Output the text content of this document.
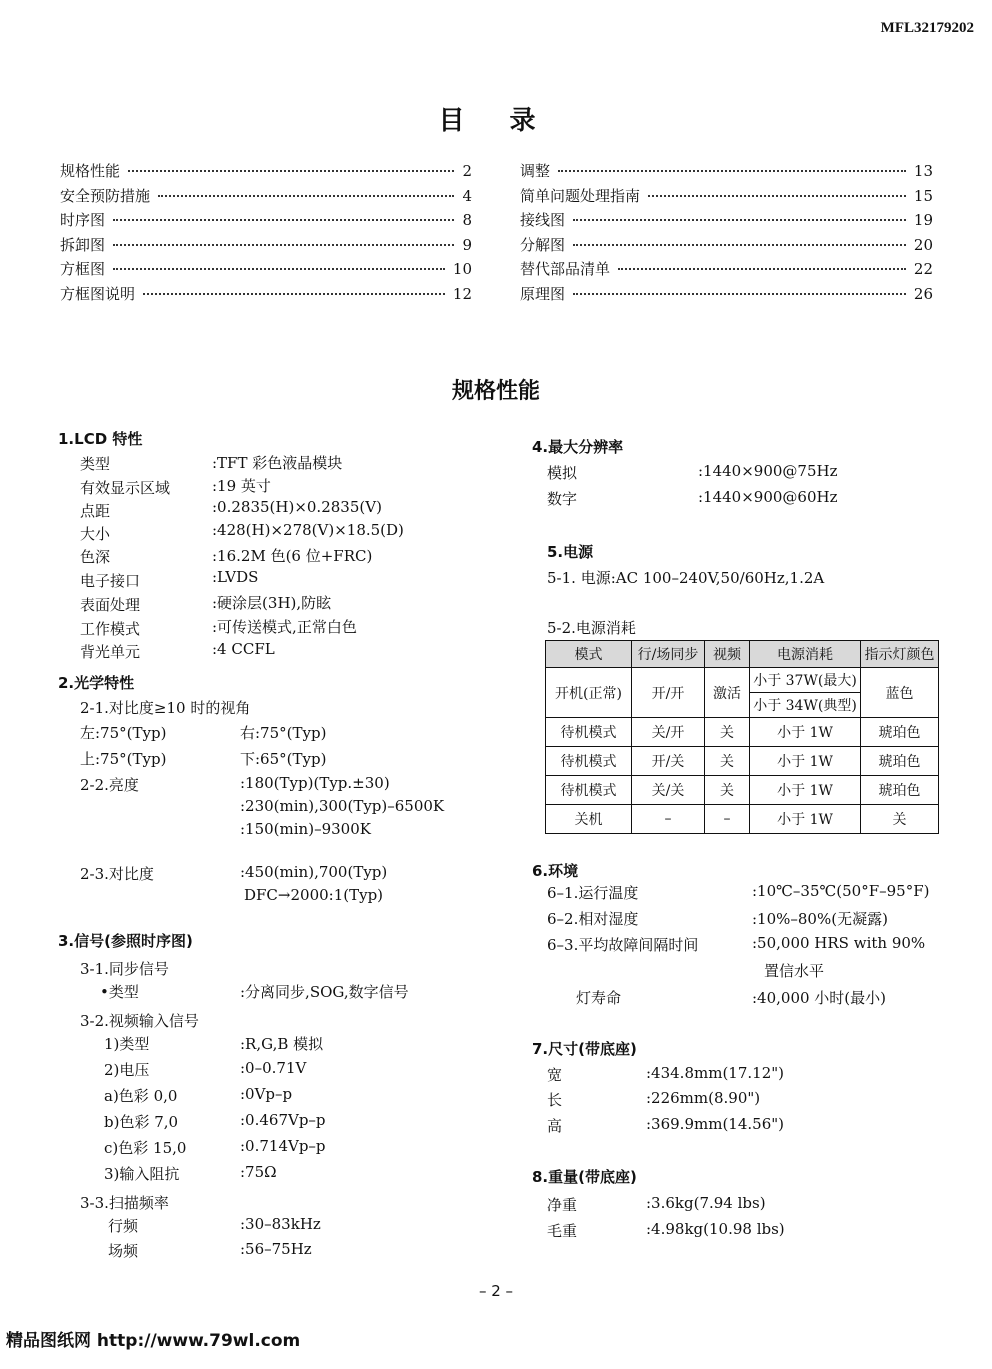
MFL32179202
目 录
规格性能	2
安全预防措施	4
时序图	8
拆卸图	9
方框图	10
方框图说明	12
调整	13
简单问题处理指南	15
接线图	19
分解图	20
替代部品清单	22
原理图	26
规格性能
1.LCD 特性
类型	:TFT 彩色液晶模块
有效显示区域	:19 英寸
点距	:0.2835(H)×0.2835(V)
大小	:428(H)×278(V)×18.5(D)
色深	:16.2M 色(6 位+FRC)
电子接口	:LVDS
表面处理	:硬涂层(3H),防眩
工作模式	:可传送模式,正常白色
背光单元	:4 CCFL
2.光学特性
2-1.对比度≥10 时的视角
左:75°(Typ)	右:75°(Typ)
上:75°(Typ)	下:65°(Typ)
2-2.亮度	:180(Typ)(Typ.±30)
:230(min),300(Typ)–6500K
:150(min)–9300K
2-3.对比度	:450(min),700(Typ)
DFC→2000:1(Typ)
3.信号(参照时序图)
3-1.同步信号
•类型	:分离同步,SOG,数字信号
3-2.视频输入信号
1)类型	:R,G,B 模拟
2)电压	:0–0.71V
a)色彩 0,0	:0Vp–p
b)色彩 7,0	:0.467Vp–p
c)色彩 15,0	:0.714Vp–p
3)输入阻抗	:75Ω
3-3.扫描频率
行频	:30–83kHz
场频	:56–75Hz
4.最大分辨率
模拟	:1440×900@75Hz
数字	:1440×900@60Hz
5.电源
5-1. 电源:AC 100–240V,50/60Hz,1.2A
5-2.电源消耗
模式	行/场同步	视频	电源消耗	指示灯颜色
开机(正常)	开/开	激活	小于 37W(最大)	蓝色
			小于 34W(典型)	
待机模式	关/开	关	小于 1W	琥珀色
待机模式	开/关	关	小于 1W	琥珀色
待机模式	关/关	关	小于 1W	琥珀色
关机	–	–	小于 1W	关
6.环境
6–1.运行温度	:10℃–35℃(50°F–95°F)
6–2.相对湿度	:10%–80%(无凝露)
6–3.平均故障间隔时间	:50,000 HRS with 90%
置信水平
灯寿命	:40,000 小时(最小)
7.尺寸(带底座)
宽	:434.8mm(17.12")
长	:226mm(8.90")
高	:369.9mm(14.56")
8.重量(带底座)
净重	:3.6kg(7.94 lbs)
毛重	:4.98kg(10.98 lbs)
– 2 –
精品图纸网 http://www.79wl.com
